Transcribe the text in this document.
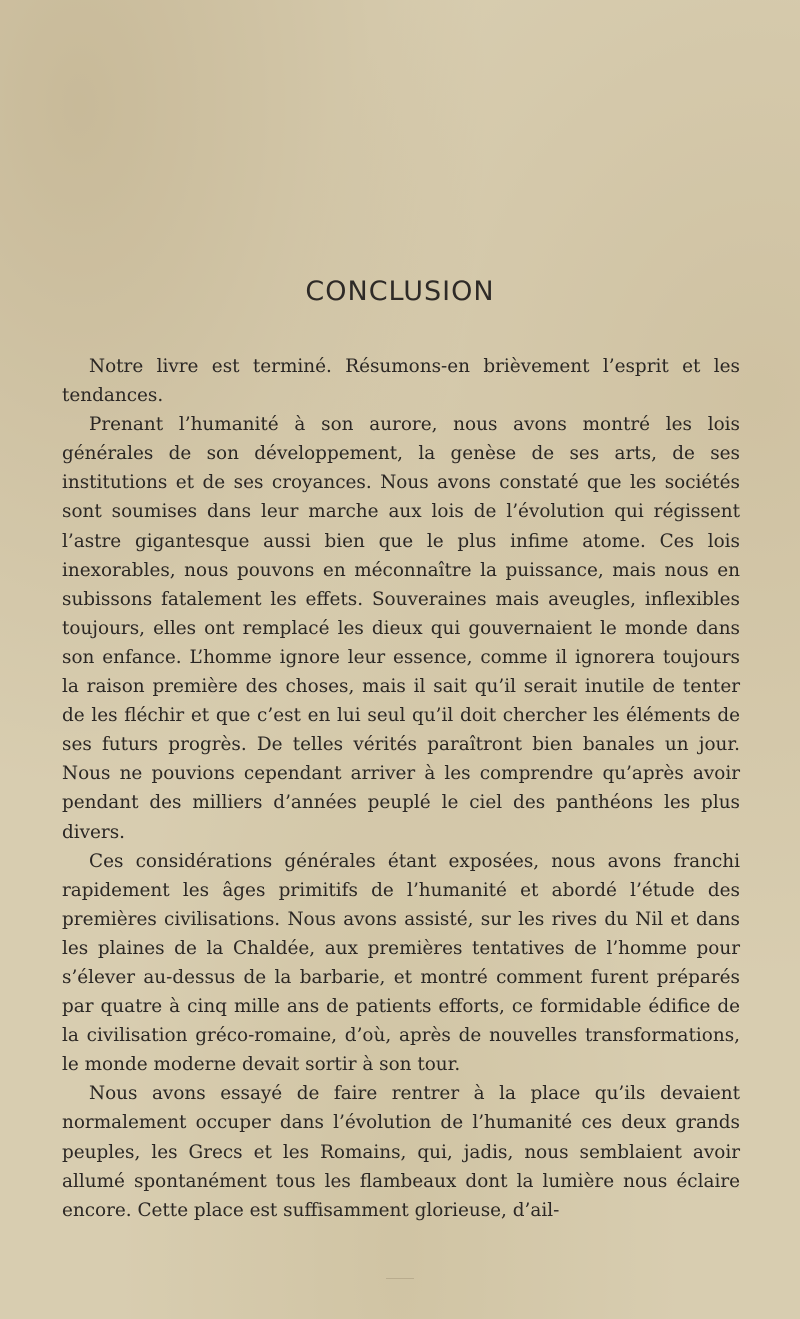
CONCLUSION

Notre livre est terminé. Résumons-en brièvement l’esprit et les tendances.

Prenant l’humanité à son aurore, nous avons montré les lois générales de son développement, la genèse de ses arts, de ses institutions et de ses croyances. Nous avons constaté que les sociétés sont soumises dans leur marche aux lois de l’évolution qui régissent l’astre gigantesque aussi bien que le plus infime atome. Ces lois inexorables, nous pouvons en méconnaître la puissance, mais nous en subissons fatalement les effets. Souveraines mais aveugles, inflexibles toujours, elles ont remplacé les dieux qui gouvernaient le monde dans son enfance. L’homme ignore leur essence, comme il ignorera toujours la raison première des choses, mais il sait qu’il serait inutile de tenter de les fléchir et que c’est en lui seul qu’il doit chercher les éléments de ses futurs progrès. De telles vérités paraîtront bien banales un jour. Nous ne pouvions cependant arriver à les comprendre qu’après avoir pendant des milliers d’années peuplé le ciel des panthéons les plus divers.

Ces considérations générales étant exposées, nous avons franchi rapidement les âges primitifs de l’humanité et abordé l’étude des premières civilisations. Nous avons assisté, sur les rives du Nil et dans les plaines de la Chaldée, aux premières tentatives de l’homme pour s’élever au-dessus de la barbarie, et montré comment furent préparés par quatre à cinq mille ans de patients efforts, ce formidable édifice de la civilisation gréco-romaine, d’où, après de nouvelles transformations, le monde moderne devait sortir à son tour.

Nous avons essayé de faire rentrer à la place qu’ils devaient normalement occuper dans l’évolution de l’humanité ces deux grands peuples, les Grecs et les Romains, qui, jadis, nous semblaient avoir allumé spontanément tous les flambeaux dont la lumière nous éclaire encore. Cette place est suffisamment glorieuse, d’ail-
